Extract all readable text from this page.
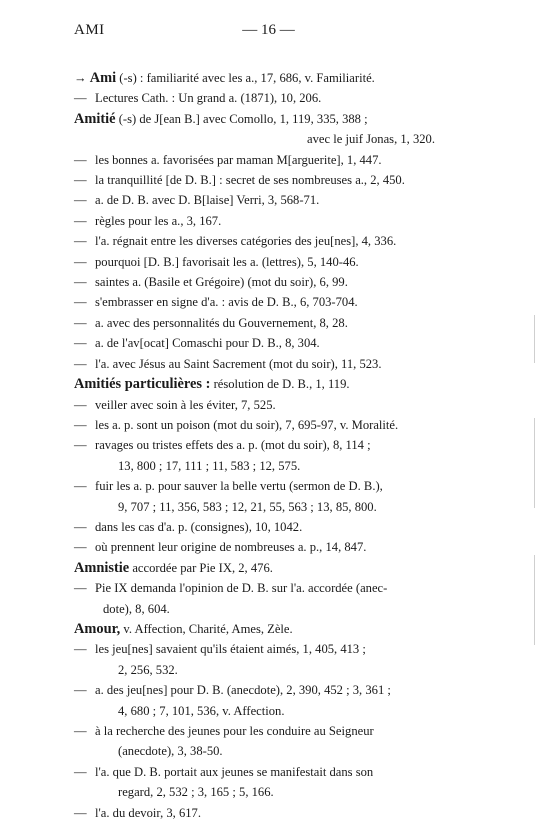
AMI	— 16 —
→ Ami (-s) : familiarité avec les a., 17, 686, v. Familiarité.
— Lectures Cath. : Un grand a. (1871), 10, 206.
Amitié (-s) de J[ean B.] avec Comollo, 1, 119, 335, 388 ;
avec le juif Jonas, 1, 320.
— les bonnes a. favorisées par maman M[arguerite], 1, 447.
— la tranquillité [de D. B.] : secret de ses nombreuses a., 2, 450.
— a. de D. B. avec D. B[laise] Verri, 3, 568-71.
— règles pour les a., 3, 167.
— l'a. régnait entre les diverses catégories des jeu[nes], 4, 336.
— pourquoi [D. B.] favorisait les a. (lettres), 5, 140-46.
— saintes a. (Basile et Grégoire) (mot du soir), 6, 99.
— s'embrasser en signe d'a. : avis de D. B., 6, 703-704.
— a. avec des personnalités du Gouvernement, 8, 28.
— a. de l'av[ocat] Comaschi pour D. B., 8, 304.
— l'a. avec Jésus au Saint Sacrement (mot du soir), 11, 523.
Amitiés particulières : résolution de D. B., 1, 119.
— veiller avec soin à les éviter, 7, 525.
— les a. p. sont un poison (mot du soir), 7, 695-97, v. Moralité.
— ravages ou tristes effets des a. p. (mot du soir), 8, 114 ;
13, 800 ; 17, 111 ; 11, 583 ; 12, 575.
— fuir les a. p. pour sauver la belle vertu (sermon de D. B.),
9, 707 ; 11, 356, 583 ; 12, 21, 55, 563 ; 13, 85, 800.
— dans les cas d'a. p. (consignes), 10, 1042.
— où prennent leur origine de nombreuses a. p., 14, 847.
Amnistie accordée par Pie IX, 2, 476.
— Pie IX demanda l'opinion de D. B. sur l'a. accordée (anec-
dote), 8, 604.
Amour, v. Affection, Charité, Ames, Zèle.
— les jeu[nes] savaient qu'ils étaient aimés, 1, 405, 413 ;
2, 256, 532.
— a. des jeu[nes] pour D. B. (anecdote), 2, 390, 452 ; 3, 361 ;
4, 680 ; 7, 101, 536, v. Affection.
— à la recherche des jeunes pour les conduire au Seigneur
(anecdote), 3, 38-50.
— l'a. que D. B. portait aux jeunes se manifestait dans son
regard, 2, 532 ; 3, 165 ; 5, 166.
— l'a. du devoir, 3, 617.
